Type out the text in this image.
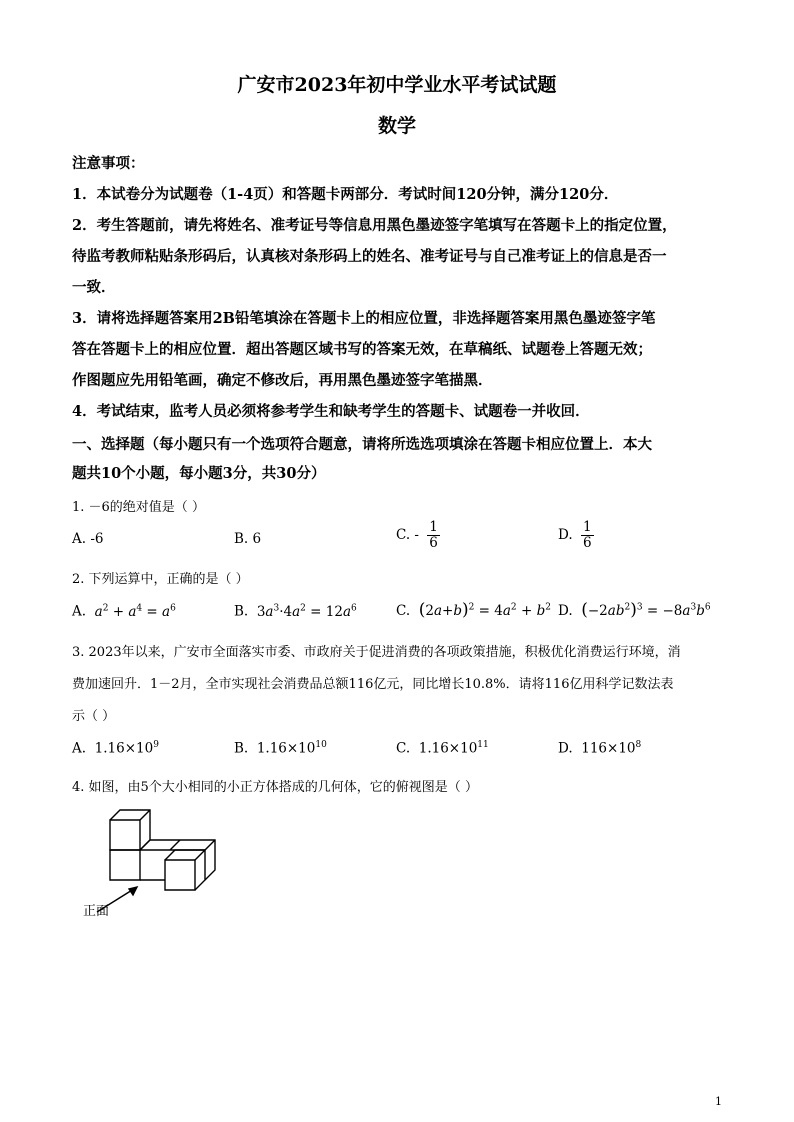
广安市2023年初中学业水平考试试题
数学
注意事项：
1．本试卷分为试题卷（1-4页）和答题卡两部分．考试时间120分钟，满分120分．
2．考生答题前，请先将姓名、准考证号等信息用黑色墨迹签字笔填写在答题卡上的指定位置，
待监考教师粘贴条形码后，认真核对条形码上的姓名、准考证号与自己准考证上的信息是否一
一致．
3．请将选择题答案用2B铅笔填涂在答题卡上的相应位置，非选择题答案用黑色墨迹签字笔
答在答题卡上的相应位置．超出答题区域书写的答案无效，在草稿纸、试题卷上答题无效；
作图题应先用铅笔画，确定不修改后，再用黑色墨迹签字笔描黑．
4．考试结束，监考人员必须将参考学生和缺考学生的答题卡、试题卷一并收回．
一、选择题（每小题只有一个选项符合题意，请将所选选项填涂在答题卡相应位置上．本大
题共10个小题，每小题3分，共30分）
1. －6的绝对值是（ ）
A. -6	B. 6	C. - $\frac{1}{6}$	D. $\frac{1}{6}$
2. 下列运算中，正确的是（ ）
A.  $a^2 + a^4 = a^6$	B. $3a^3\cdot 4a^2 = 12a^6$	C. $(2a+b)^2 = 4a^2 + b^2$ D. $(-2ab^2)^3 = -8a^3b^6$
3. 2023年以来，广安市全面落实市委、市政府关于促进消费的各项政策措施，积极优化消费运行环境，消
费加速回升．1－2月，全市实现社会消费品总额116亿元，同比增长10.8%．请将116亿用科学记数法表
示（ ）
A. $1.16\times 10^9$	B. $1.16\times 10^{10}$	C. $1.16\times 10^{11}$	D. $116\times 10^8$
4. 如图，由5个大小相同的小正方体搭成的几何体，它的俯视图是（ ）
正面
1
